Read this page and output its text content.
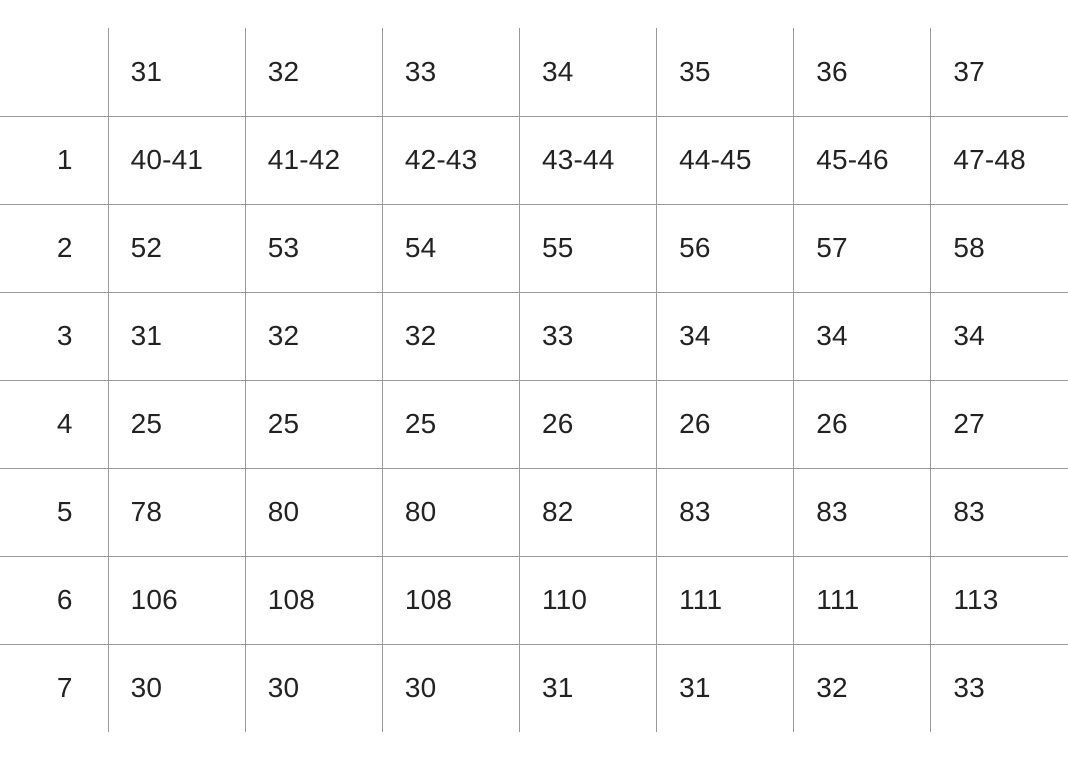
	31	32	33	34	35	36	37
1	40-41	41-42	42-43	43-44	44-45	45-46	47-48
2	52	53	54	55	56	57	58
3	31	32	32	33	34	34	34
4	25	25	25	26	26	26	27
5	78	80	80	82	83	83	83
6	106	108	108	110	111	111	113
7	30	30	30	31	31	32	33
